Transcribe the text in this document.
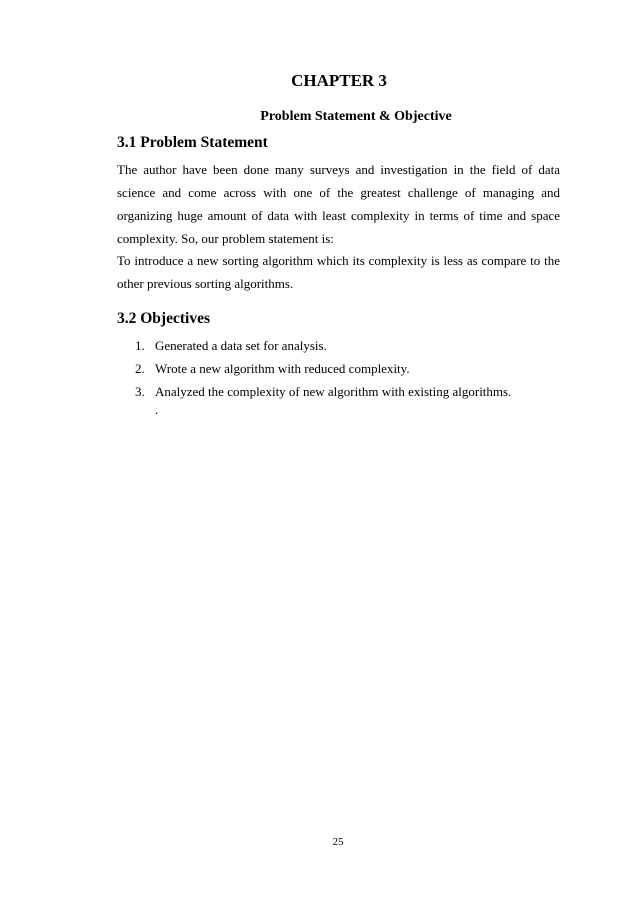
CHAPTER 3
Problem Statement & Objective
3.1 Problem Statement

The author have been done many surveys and investigation in the field of data science and come across with one of the greatest challenge of managing and organizing huge amount of data with least complexity in terms of time and space complexity. So, our problem statement is:

To introduce a new sorting algorithm which its complexity is less as compare to the other previous sorting algorithms.

3.2 Objectives
1. Generated a data set for analysis.
2. Wrote a new algorithm with reduced complexity.
3. Analyzed the complexity of new algorithm with existing algorithms.
.
25
